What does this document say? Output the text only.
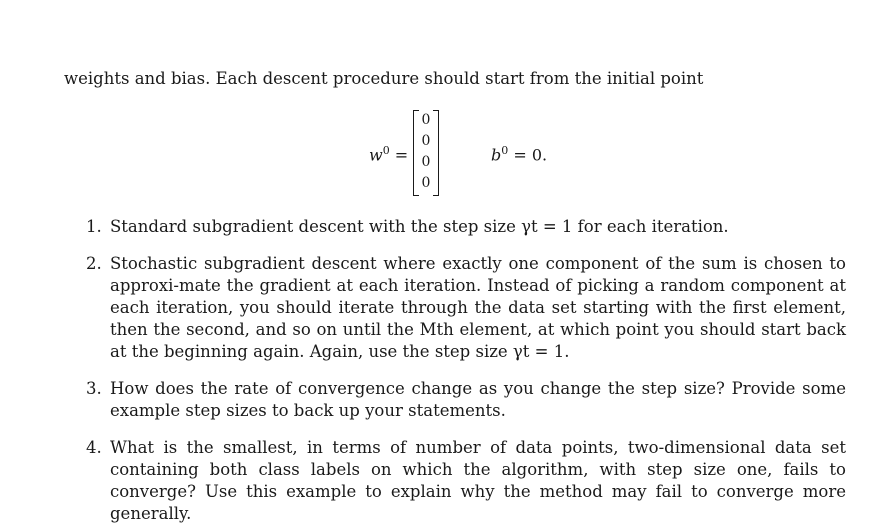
weights and bias. Each descent procedure should start from the initial point
$w^0$ =
0
0
0
0
$b^0 = 0$.
1. Standard subgradient descent with the step size γt = 1 for each iteration.
2. Stochastic subgradient descent where exactly one component of the sum is chosen to approxi-mate the gradient at each iteration. Instead of picking a random component at each iteration, you should iterate through the data set starting with the first element, then the second, and so on until the Mth element, at which point you should start back at the beginning again. Again, use the step size γt = 1.
3. How does the rate of convergence change as you change the step size? Provide some example step sizes to back up your statements.
4. What is the smallest, in terms of number of data points, two-dimensional data set containing both class labels on which the algorithm, with step size one, fails to converge? Use this example to explain why the method may fail to converge more generally.
